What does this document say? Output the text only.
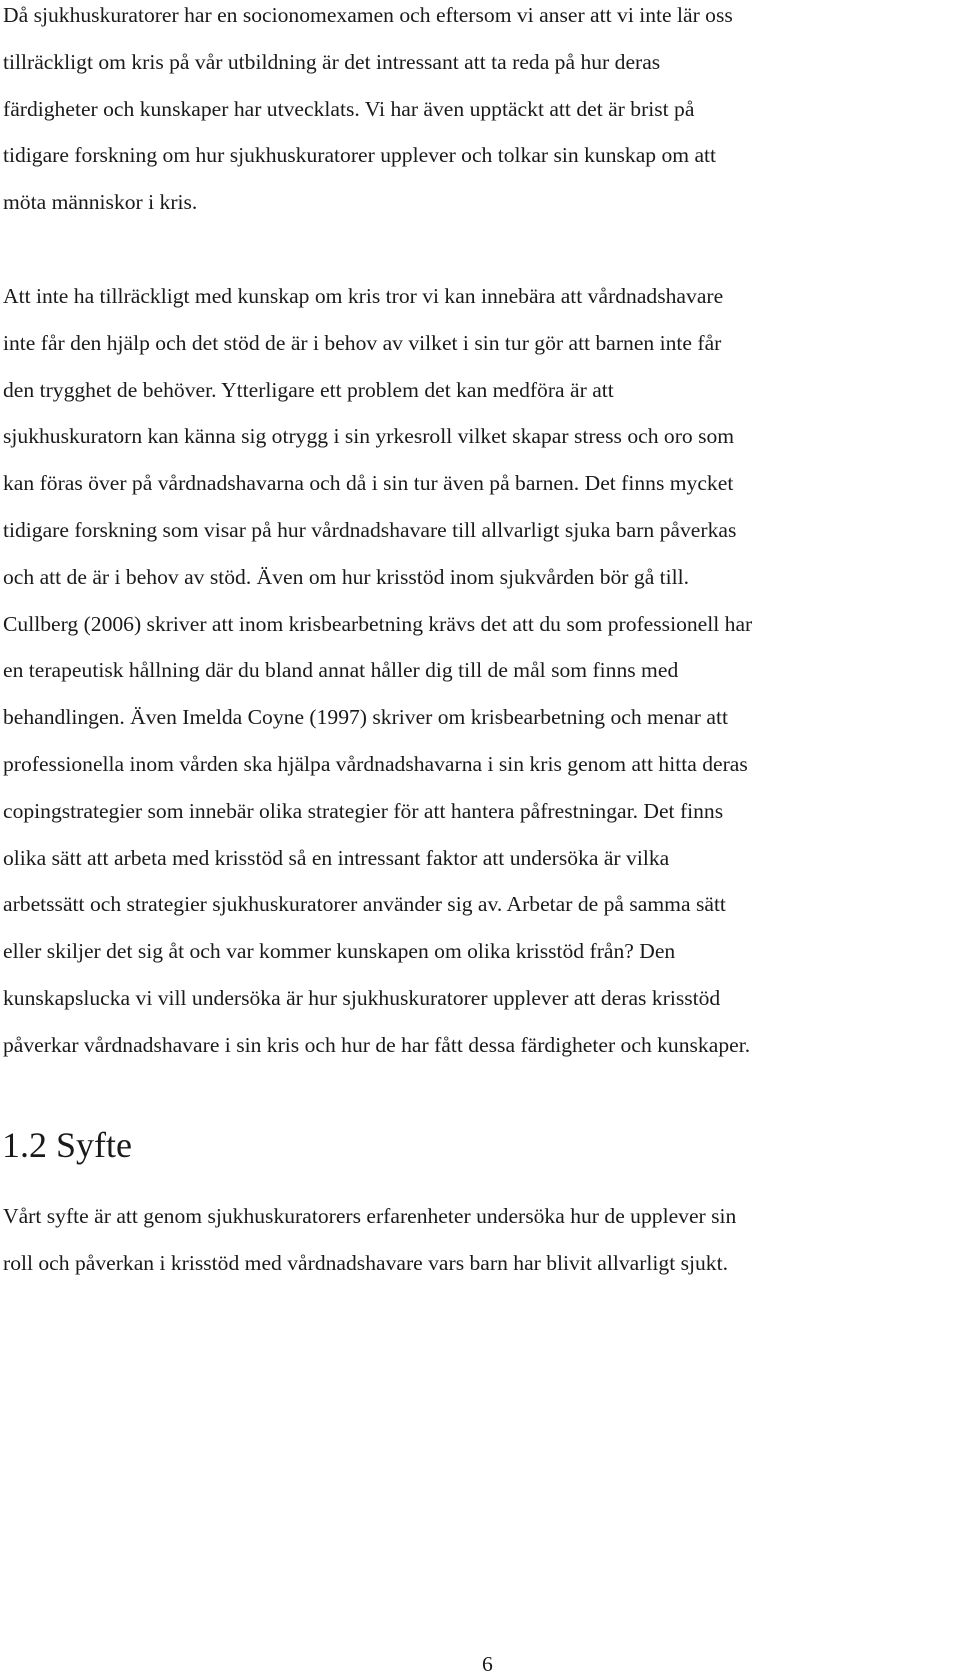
Då sjukhuskuratorer har en socionomexamen och eftersom vi anser att vi inte lär oss
tillräckligt om kris på vår utbildning är det intressant att ta reda på hur deras
färdigheter och kunskaper har utvecklats. Vi har även upptäckt att det är brist på
tidigare forskning om hur sjukhuskuratorer upplever och tolkar sin kunskap om att
möta människor i kris.

Att inte ha tillräckligt med kunskap om kris tror vi kan innebära att vårdnadshavare
inte får den hjälp och det stöd de är i behov av vilket i sin tur gör att barnen inte får
den trygghet de behöver. Ytterligare ett problem det kan medföra är att
sjukhuskuratorn kan känna sig otrygg i sin yrkesroll vilket skapar stress och oro som
kan föras över på vårdnadshavarna och då i sin tur även på barnen. Det finns mycket
tidigare forskning som visar på hur vårdnadshavare till allvarligt sjuka barn påverkas
och att de är i behov av stöd. Även om hur krisstöd inom sjukvården bör gå till.
Cullberg (2006) skriver att inom krisbearbetning krävs det att du som professionell har
en terapeutisk hållning där du bland annat håller dig till de mål som finns med
behandlingen. Även Imelda Coyne (1997) skriver om krisbearbetning och menar att
professionella inom vården ska hjälpa vårdnadshavarna i sin kris genom att hitta deras
copingstrategier som innebär olika strategier för att hantera påfrestningar. Det finns
olika sätt att arbeta med krisstöd så en intressant faktor att undersöka är vilka
arbetssätt och strategier sjukhuskuratorer använder sig av. Arbetar de på samma sätt
eller skiljer det sig åt och var kommer kunskapen om olika krisstöd från? Den
kunskapslucka vi vill undersöka är hur sjukhuskuratorer upplever att deras krisstöd
påverkar vårdnadshavare i sin kris och hur de har fått dessa färdigheter och kunskaper.

1.2 Syfte

Vårt syfte är att genom sjukhuskuratorers erfarenheter undersöka hur de upplever sin
roll och påverkan i krisstöd med vårdnadshavare vars barn har blivit allvarligt sjukt.

6
